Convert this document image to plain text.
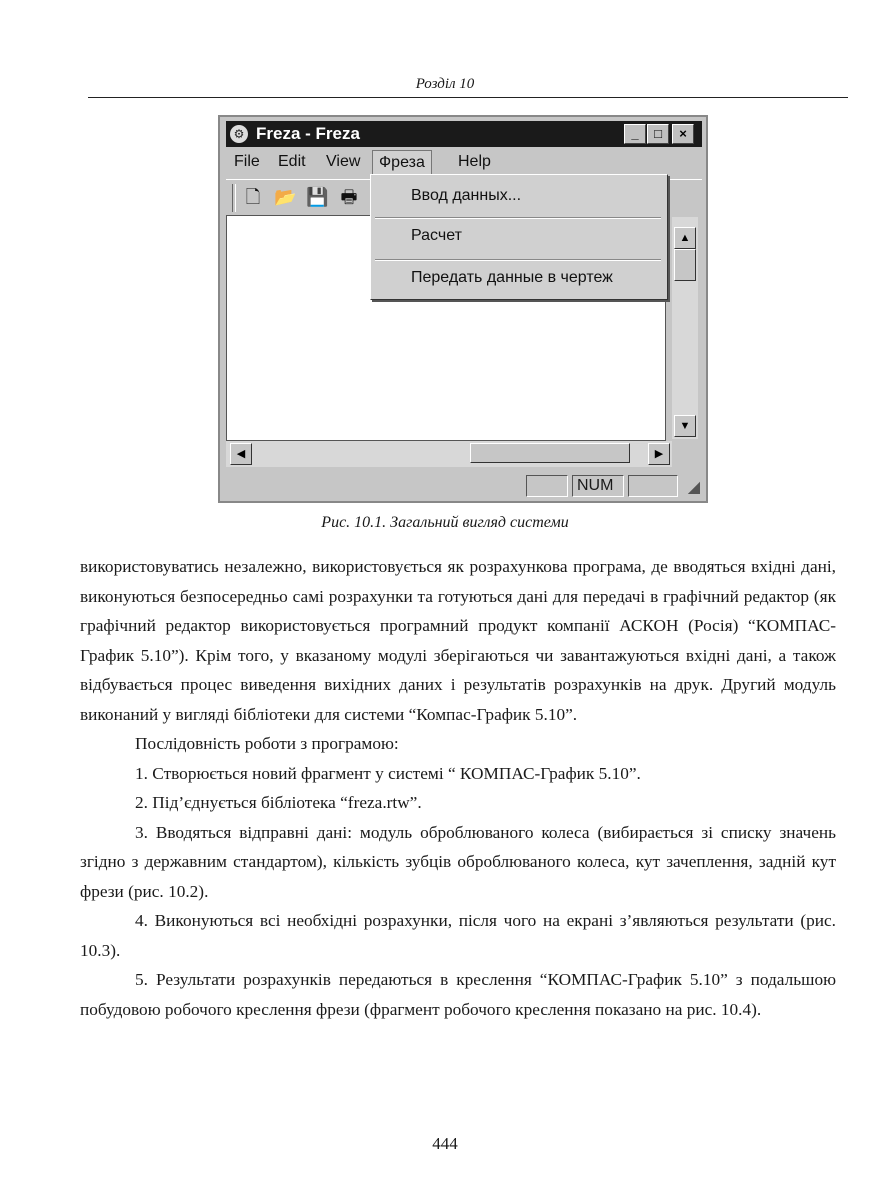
Розділ 10
⚙ Freza - Freza	_	□	×
File Edit View	Фреза	Help
🗋 📂 💾 🖶
▲
▼
◀	▶
NUM	◢
Ввод данных...
Расчет
Передать данные в чертеж
Рис. 10.1. Загальний вигляд системи

використовуватись незалежно, використовується як розрахункова програма, де вводяться вхідні дані, виконуються безпосередньо самі розрахунки та готуються дані для передачі в графічний редактор (як графічний редактор використовується програмний продукт компанії АСКОН (Росія) “КОМПАС-График 5.10”). Крім того, у вказаному модулі зберігаються чи завантажуються вхідні дані, а також відбувається процес виведення вихідних даних і результатів розрахунків на друк. Другий модуль виконаний у вигляді бібліотеки для системи “Компас-График 5.10”.

Послідовність роботи з програмою:

1. Створюється новий фрагмент у системі “ КОМПАС-График 5.10”.

2. Під’єднується бібліотека “freza.rtw”.

3. Вводяться відправні дані: модуль оброблюваного колеса (вибирається зі списку значень згідно з державним стандартом), кількість зубців оброблюваного колеса, кут зачеплення, задній кут фрези (рис. 10.2).

4. Виконуються всі необхідні розрахунки, після чого на екрані з’являються результати (рис. 10.3).

5. Результати розрахунків передаються в креслення “КОМПАС-График 5.10” з подальшою побудовою робочого креслення фрези (фрагмент робочого креслення показано на рис. 10.4).

444
